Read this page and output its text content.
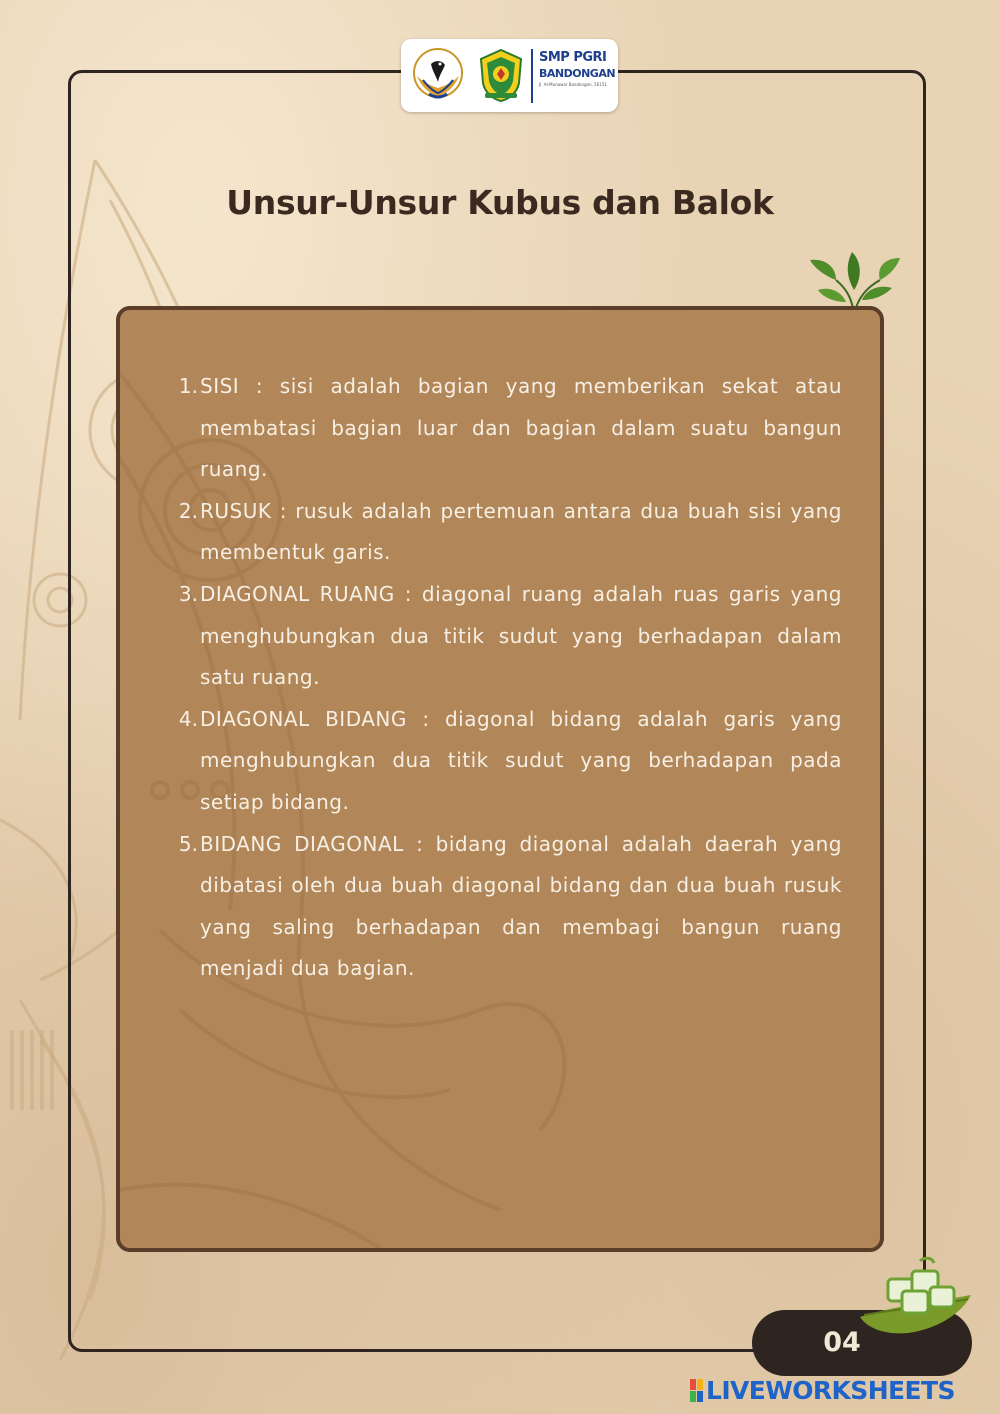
SMP PGRI
BANDONGAN
Jl. Al-Munawar Bandongan, 56151
Unsur-Unsur Kubus dan Balok
1. SISI : sisi adalah bagian yang memberikan sekat atau membatasi bagian luar dan bagian dalam suatu bangun ruang.
2. RUSUK : rusuk adalah pertemuan antara dua buah sisi yang membentuk garis.
3. DIAGONAL RUANG : diagonal ruang adalah ruas garis yang menghubungkan dua titik sudut yang berhadapan dalam satu ruang.
4. DIAGONAL BIDANG : diagonal bidang adalah garis yang menghubungkan dua titik sudut yang berhadapan pada setiap bidang.
5. BIDANG DIAGONAL : bidang diagonal adalah daerah yang dibatasi oleh dua buah diagonal bidang dan dua buah rusuk yang saling berhadapan dan membagi bangun ruang menjadi dua bagian.
04
LIVEWORKSHEETS
